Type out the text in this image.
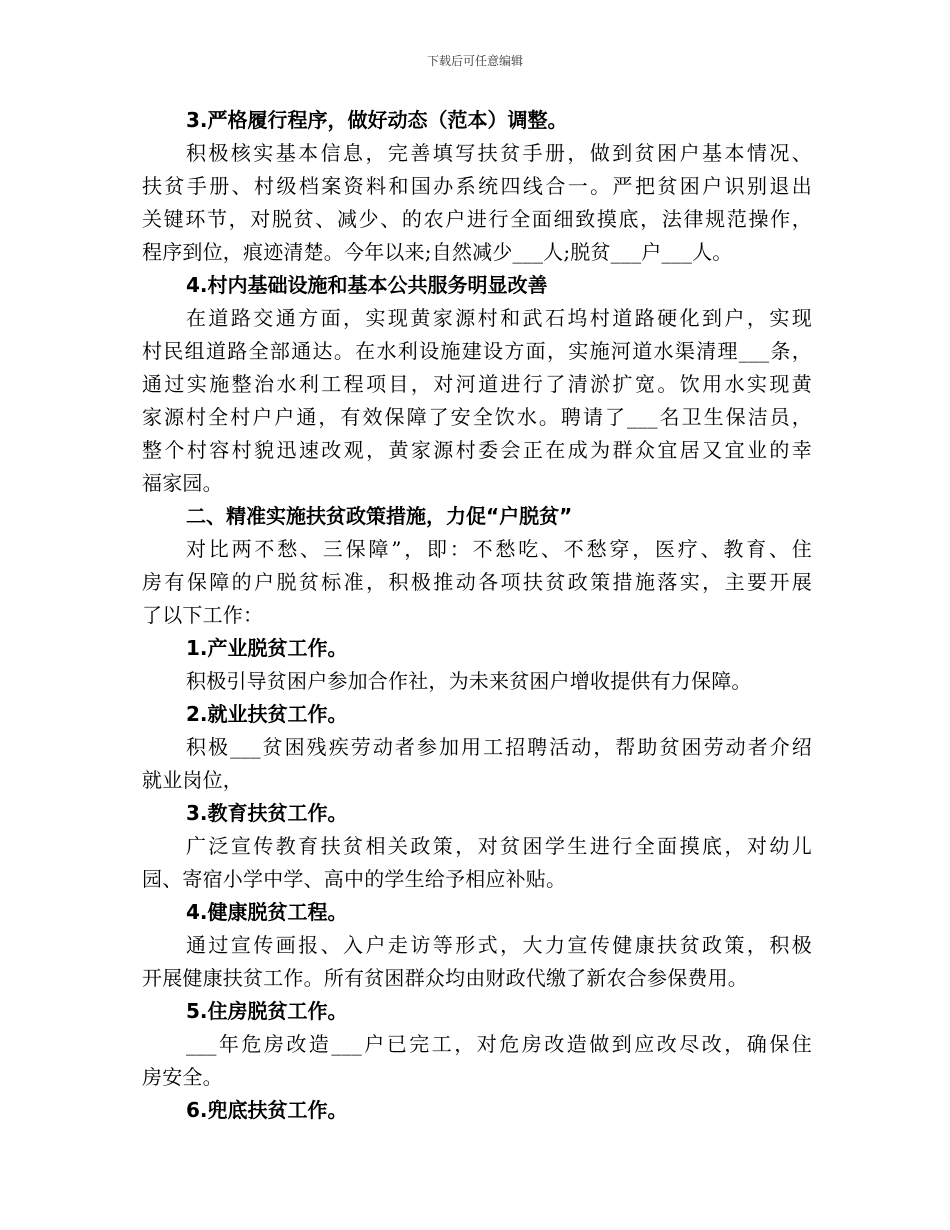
下载后可任意编辑
3.严格履行程序，做好动态（范本）调整。
积极核实基本信息，完善填写扶贫手册，做到贫困户基本情况、
扶贫手册、村级档案资料和国办系统四线合一。严把贫困户识别退出
关键环节，对脱贫、减少、的农户进行全面细致摸底，法律规范操作，
程序到位，痕迹清楚。今年以来;自然减少___人;脱贫___户___人。
4.村内基础设施和基本公共服务明显改善
在道路交通方面，实现黄家源村和武石坞村道路硬化到户，实现
村民组道路全部通达。在水利设施建设方面，实施河道水渠清理___条，
通过实施整治水利工程项目，对河道进行了清淤扩宽。饮用水实现黄
家源村全村户户通，有效保障了安全饮水。聘请了___名卫生保洁员，
整个村容村貌迅速改观，黄家源村委会正在成为群众宜居又宜业的幸
福家园。
二、精准实施扶贫政策措施，力促“户脱贫”
对比两不愁、三保障”，即：不愁吃、不愁穿，医疗、教育、住
房有保障的户脱贫标准，积极推动各项扶贫政策措施落实，主要开展
了以下工作：
1.产业脱贫工作。
积极引导贫困户参加合作社，为未来贫困户增收提供有力保障。
2.就业扶贫工作。
积极___贫困残疾劳动者参加用工招聘活动，帮助贫困劳动者介绍
就业岗位，
3.教育扶贫工作。
广泛宣传教育扶贫相关政策，对贫困学生进行全面摸底，对幼儿
园、寄宿小学中学、高中的学生给予相应补贴。
4.健康脱贫工程。
通过宣传画报、入户走访等形式，大力宣传健康扶贫政策，积极
开展健康扶贫工作。所有贫困群众均由财政代缴了新农合参保费用。
5.住房脱贫工作。
___年危房改造___户已完工，对危房改造做到应改尽改，确保住
房安全。
6.兜底扶贫工作。
